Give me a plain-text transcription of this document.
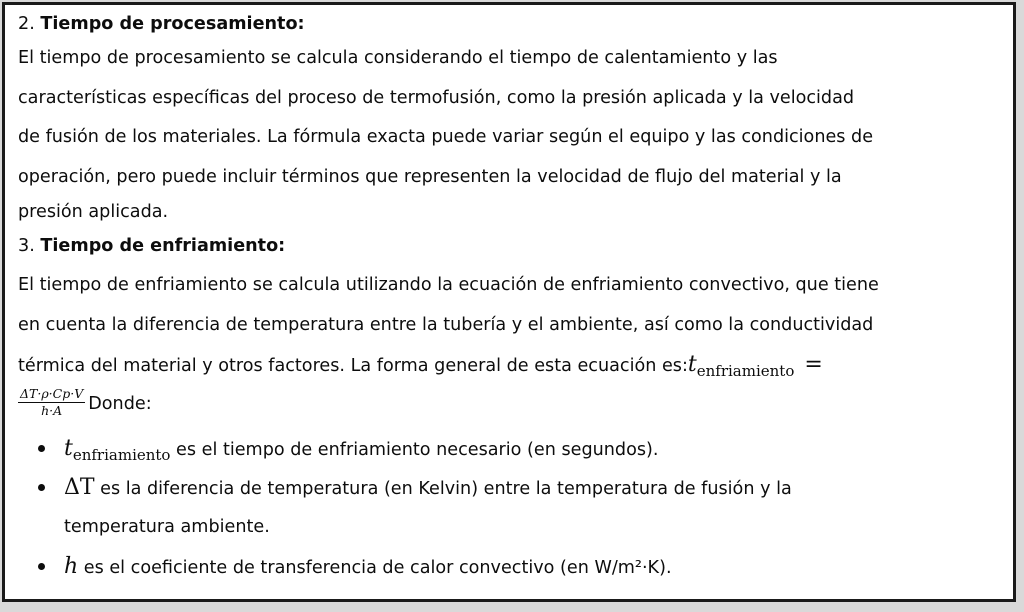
2. Tiempo de procesamiento:

El tiempo de procesamiento se calcula considerando el tiempo de calentamiento y las
características específicas del proceso de termofusión, como la presión aplicada y la velocidad
de fusión de los materiales. La fórmula exacta puede variar según el equipo y las condiciones de
operación, pero puede incluir términos que representen la velocidad de flujo del material y la
presión aplicada.

3. Tiempo de enfriamiento:

El tiempo de enfriamiento se calcula utilizando la ecuación de enfriamiento convectivo, que tiene
en cuenta la diferencia de temperatura entre la tubería y el ambiente, así como la conductividad
térmica del material y otros factores. La forma general de esta ecuación es:tenfriamiento =
$\frac{\Delta T\cdot\rho\cdot Cp\cdot V}{h\cdot A}$ Donde:

tenfriamiento es el tiempo de enfriamiento necesario (en segundos).
ΔT es la diferencia de temperatura (en Kelvin) entre la temperatura de fusión y la
temperatura ambiente.
h es el coeficiente de transferencia de calor convectivo (en W/m²·K).
